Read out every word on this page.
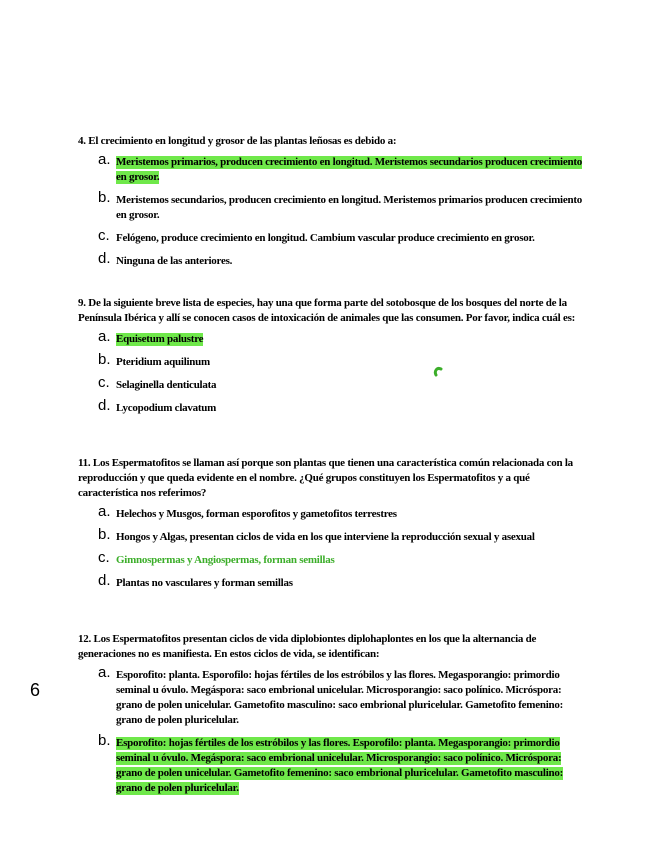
4. El crecimiento en longitud y grosor de las plantas leñosas es debido a:

a. Meristemos primarios, producen crecimiento en longitud. Meristemos secundarios producen crecimiento en grosor.
b. Meristemos secundarios, producen crecimiento en longitud. Meristemos primarios producen crecimiento en grosor.
c. Felógeno, produce crecimiento en longitud. Cambium vascular produce crecimiento en grosor.
d. Ninguna de las anteriores.

9. De la siguiente breve lista de especies, hay una que forma parte del sotobosque de los bosques del norte de la Península Ibérica y allí se conocen casos de intoxicación de animales que las consumen. Por favor, indica cuál es:

a. Equisetum palustre
b. Pteridium aquilinum
c. Selaginella denticulata
d. Lycopodium clavatum

11. Los Espermatofitos se llaman así porque son plantas que tienen una característica común relacionada con la reproducción y que queda evidente en el nombre. ¿Qué grupos constituyen los Espermatofitos y a qué característica nos referimos?

a. Helechos y Musgos, forman esporofitos y gametofitos terrestres
b. Hongos y Algas, presentan ciclos de vida en los que interviene la reproducción sexual y asexual
c. Gimnospermas y Angiospermas, forman semillas
d. Plantas no vasculares y forman semillas

12. Los Espermatofitos presentan ciclos de vida diplobiontes diplohaplontes en los que la alternancia de generaciones no es manifiesta. En estos ciclos de vida, se identifican:

a. Esporofito: planta. Esporofilo: hojas fértiles de los estróbilos y las flores. Megasporangio: primordio seminal u óvulo. Megáspora: saco embrional unicelular. Microsporangio: saco polínico. Micróspora: grano de polen unicelular. Gametofito masculino: saco embrional pluricelular. Gametofito femenino: grano de polen pluricelular.
b. Esporofito: hojas fértiles de los estróbilos y las flores. Esporofilo: planta. Megasporangio: primordio seminal u óvulo. Megáspora: saco embrional unicelular. Microsporangio: saco polínico. Micróspora: grano de polen unicelular. Gametofito femenino: saco embrional pluricelular. Gametofito masculino: grano de polen pluricelular.
6
